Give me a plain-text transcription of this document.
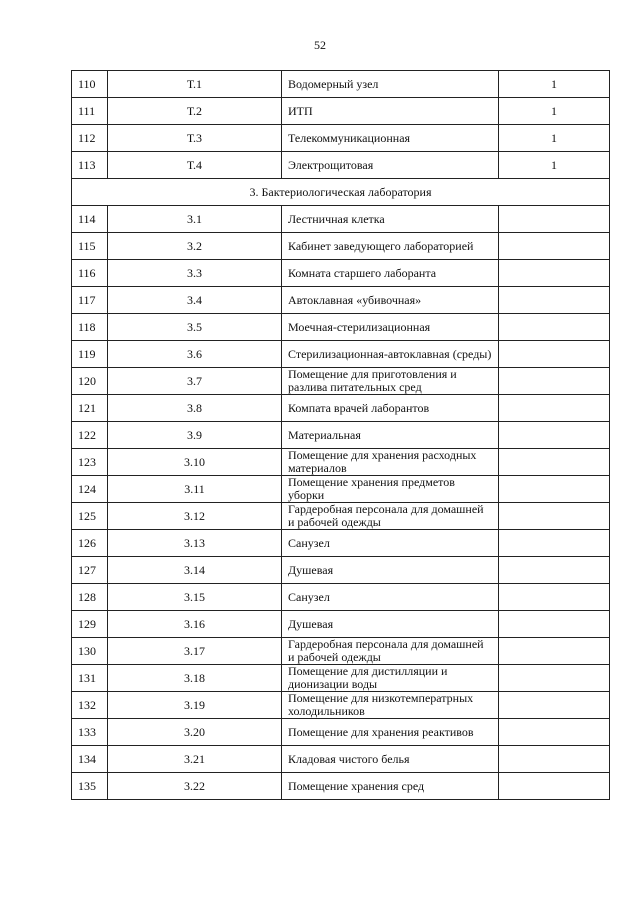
52
110	Т.1	Водомерный узел	1
111	Т.2	ИТП	1
112	Т.3	Телекоммуникационная	1
113	Т.4	Электрощитовая	1
3. Бактериологическая лаборатория			
114	3.1	Лестничная клетка	
115	3.2	Кабинет заведующего лабораторией	
116	3.3	Комната старшего лаборанта	
117	3.4	Автоклавная «убивочная»	
118	3.5	Моечная-стерилизационная	
119	3.6	Стерилизационная-автоклавная (среды)	
120	3.7	Помещение для приготовления и разлива питательных сред	
121	3.8	Компата врачей лаборантов	
122	3.9	Материальная	
123	3.10	Помещение для хранения расходных материалов	
124	3.11	Помещение хранения предметов уборки	
125	3.12	Гардеробная персонала для домашней и рабочей одежды	
126	3.13	Санузел	
127	3.14	Душевая	
128	3.15	Санузел	
129	3.16	Душевая	
130	3.17	Гардеробная персонала для домашней и рабочей одежды	
131	3.18	Помещение для дистилляции и дионизации воды	
132	3.19	Помещение для низкотемператрных холодильников	
133	3.20	Помещение для хранения реактивов	
134	3.21	Кладовая чистого белья	
135	3.22	Помещение хранения сред	
